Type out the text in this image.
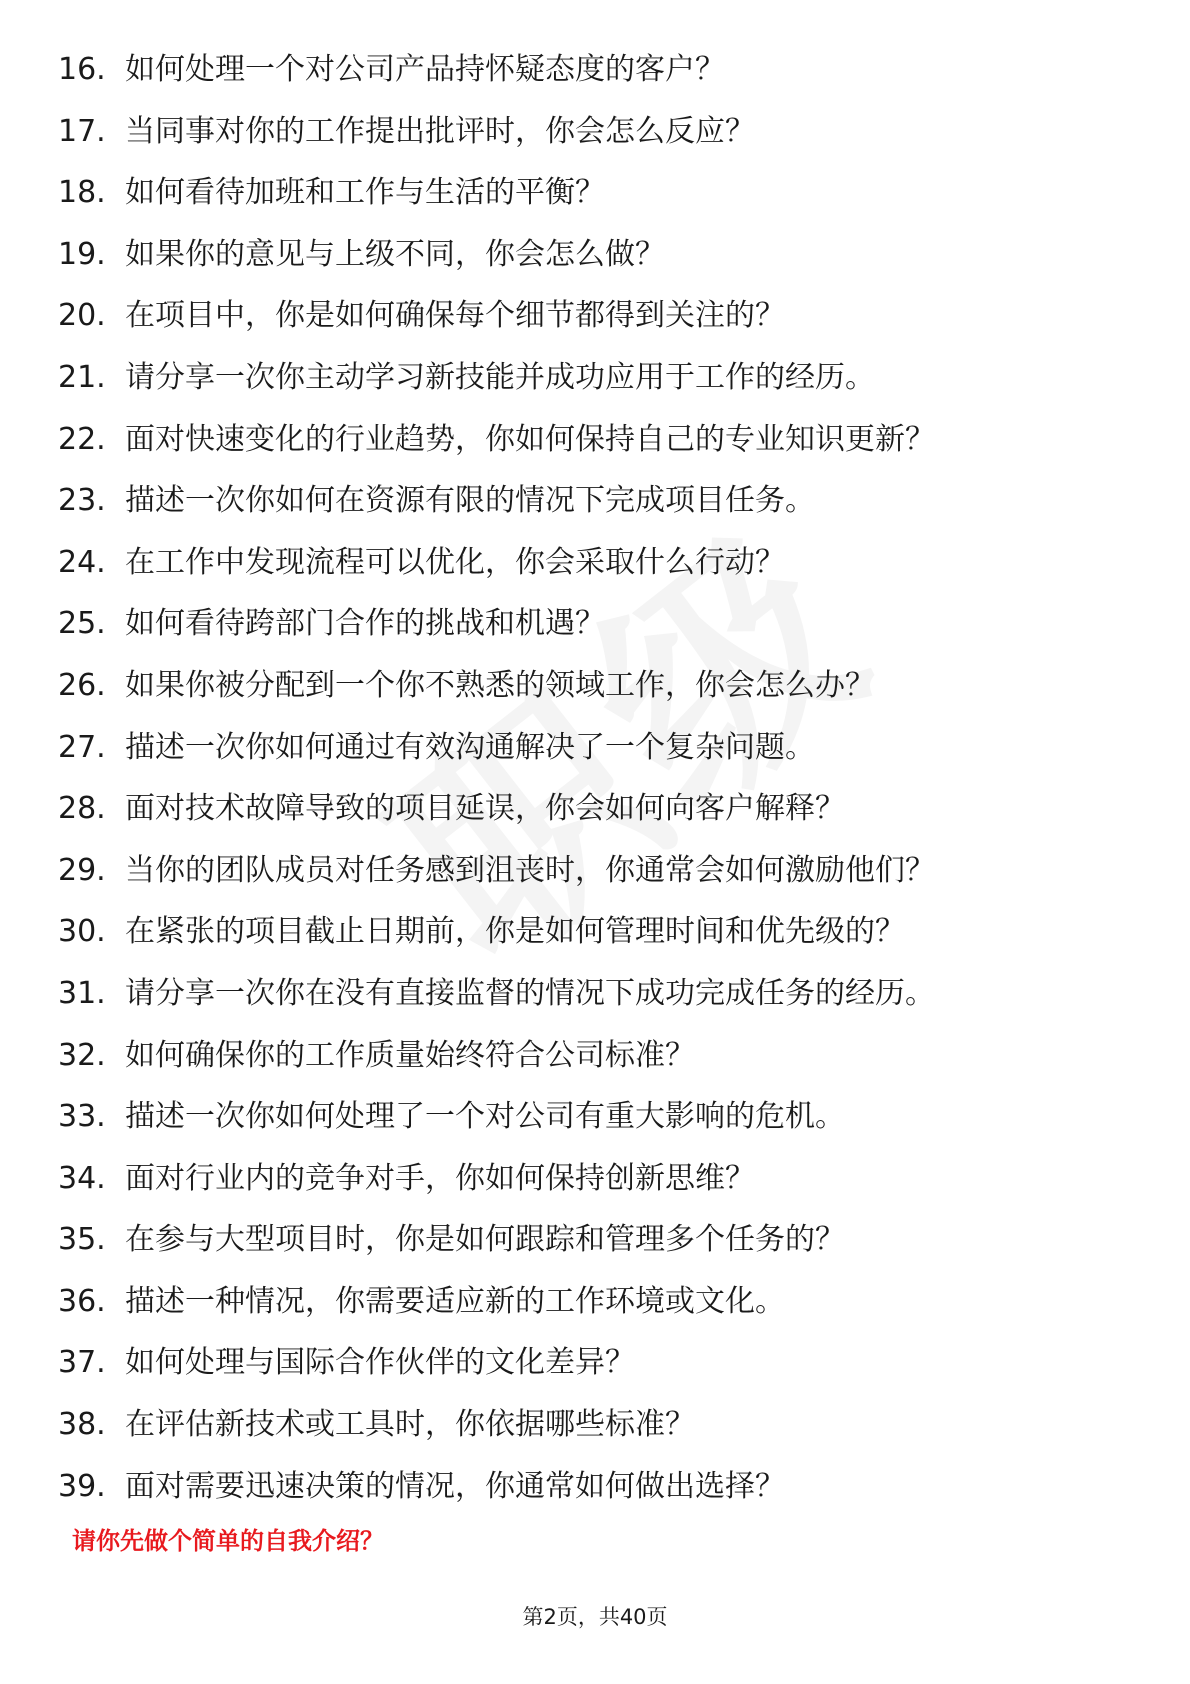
16. 如何处理一个对公司产品持怀疑态度的客户？
17. 当同事对你的工作提出批评时，你会怎么反应？
18. 如何看待加班和工作与生活的平衡？
19. 如果你的意见与上级不同，你会怎么做？
20. 在项目中，你是如何确保每个细节都得到关注的？
21. 请分享一次你主动学习新技能并成功应用于工作的经历。
22. 面对快速变化的行业趋势，你如何保持自己的专业知识更新？
23. 描述一次你如何在资源有限的情况下完成项目任务。
24. 在工作中发现流程可以优化，你会采取什么行动？
25. 如何看待跨部门合作的挑战和机遇？
26. 如果你被分配到一个你不熟悉的领域工作，你会怎么办？
27. 描述一次你如何通过有效沟通解决了一个复杂问题。
28. 面对技术故障导致的项目延误，你会如何向客户解释？
29. 当你的团队成员对任务感到沮丧时，你通常会如何激励他们？
30. 在紧张的项目截止日期前，你是如何管理时间和优先级的？
31. 请分享一次你在没有直接监督的情况下成功完成任务的经历。
32. 如何确保你的工作质量始终符合公司标准？
33. 描述一次你如何处理了一个对公司有重大影响的危机。
34. 面对行业内的竞争对手，你如何保持创新思维？
35. 在参与大型项目时，你是如何跟踪和管理多个任务的？
36. 描述一种情况，你需要适应新的工作环境或文化。
37. 如何处理与国际合作伙伴的文化差异？
38. 在评估新技术或工具时，你依据哪些标准？
39. 面对需要迅速决策的情况，你通常如何做出选择？
请你先做个简单的自我介绍？
第2页，共40页
